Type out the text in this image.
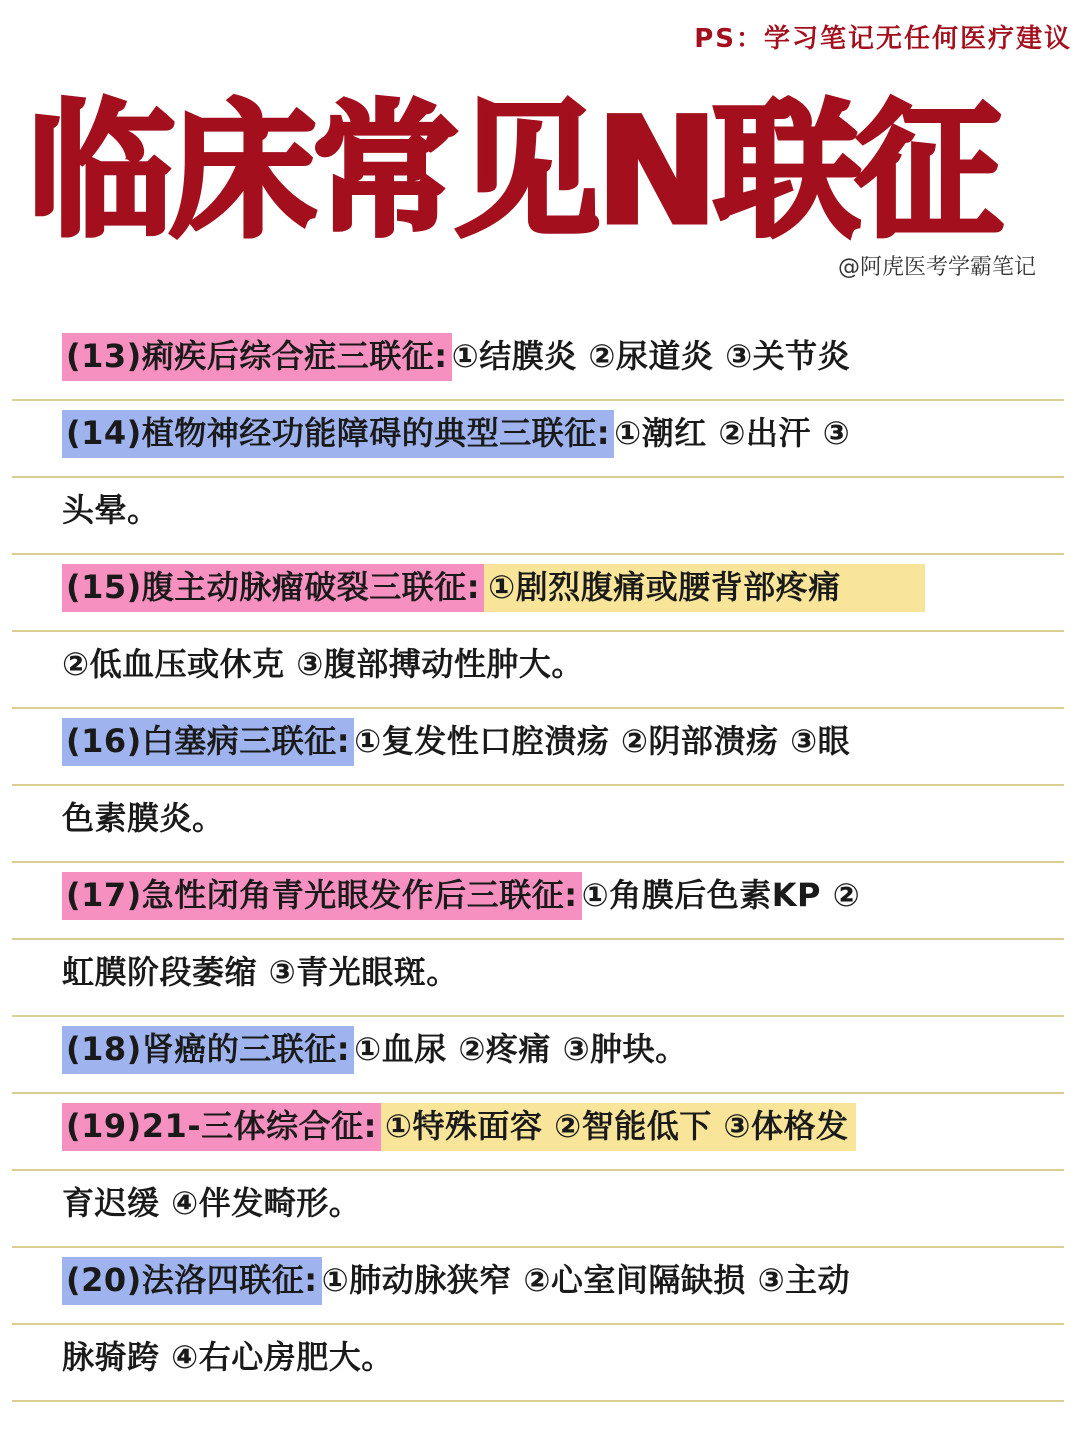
PS：学习笔记无任何医疗建议
临床常见N联征	肺解剖
@阿虎医考学霸笔记
(13)痢疾后综合症三联征: ①结膜炎 ②尿道炎 ③关节炎
(14)植物神经功能障碍的典型三联征: ①潮红 ②出汗 ③
头晕。
(15)腹主动脉瘤破裂三联征: ①剧烈腹痛或腰背部疼痛
②低血压或休克 ③腹部搏动性肿大。
(16)白塞病三联征: ①复发性口腔溃疡 ②阴部溃疡 ③眼
色素膜炎。
(17)急性闭角青光眼发作后三联征: ①角膜后色素KP ②
虹膜阶段萎缩 ③青光眼斑。
(18)肾癌的三联征: ①血尿 ②疼痛 ③肿块。
(19)21-三体综合征: ①特殊面容 ②智能低下 ③体格发
育迟缓 ④伴发畸形。
(20)法洛四联征: ①肺动脉狭窄 ②心室间隔缺损 ③主动
脉骑跨 ④右心房肥大。
